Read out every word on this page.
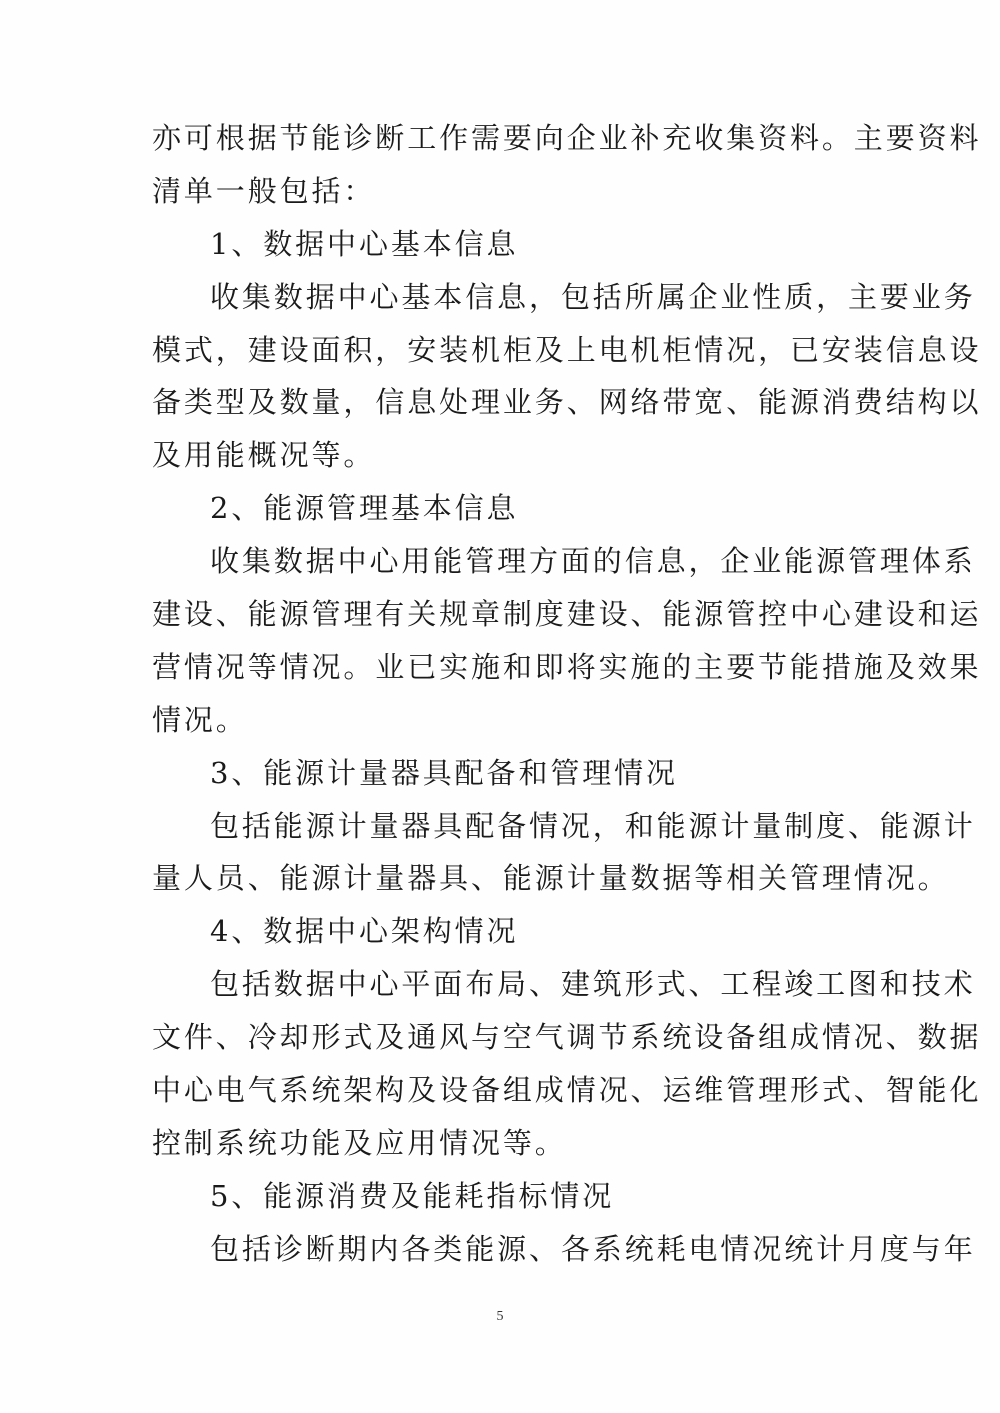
亦可根据节能诊断工作需要向企业补充收集资料。主要资料
清单一般包括：
1、数据中心基本信息
收集数据中心基本信息，包括所属企业性质，主要业务
模式，建设面积，安装机柜及上电机柜情况，已安装信息设
备类型及数量，信息处理业务、网络带宽、能源消费结构以
及用能概况等。
2、能源管理基本信息
收集数据中心用能管理方面的信息，企业能源管理体系
建设、能源管理有关规章制度建设、能源管控中心建设和运
营情况等情况。业已实施和即将实施的主要节能措施及效果
情况。
3、能源计量器具配备和管理情况
包括能源计量器具配备情况，和能源计量制度、能源计
量人员、能源计量器具、能源计量数据等相关管理情况。
4、数据中心架构情况
包括数据中心平面布局、建筑形式、工程竣工图和技术
文件、冷却形式及通风与空气调节系统设备组成情况、数据
中心电气系统架构及设备组成情况、运维管理形式、智能化
控制系统功能及应用情况等。
5、能源消费及能耗指标情况
包括诊断期内各类能源、各系统耗电情况统计月度与年
5
